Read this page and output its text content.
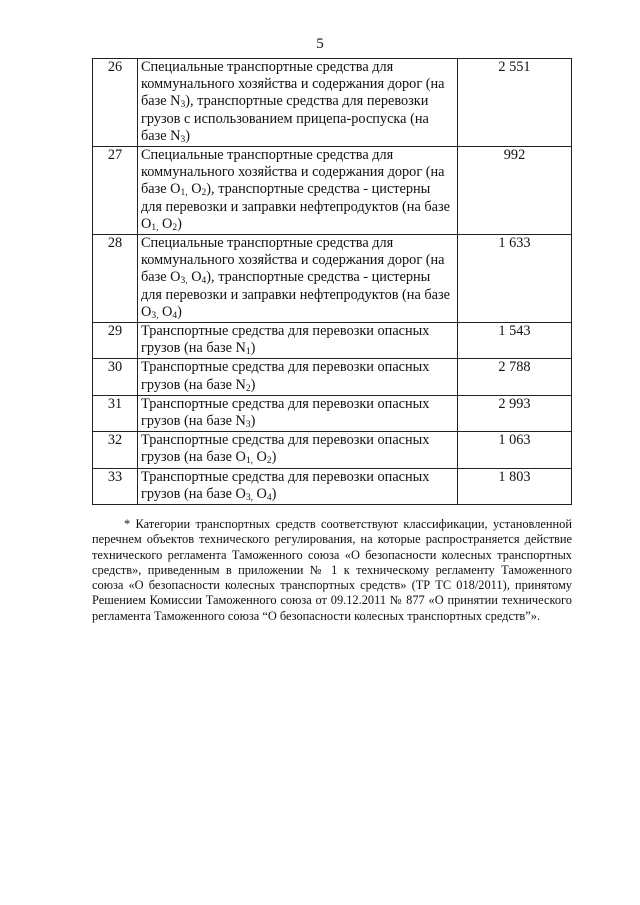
5
26	Специальные транспортные средства для коммунального хозяйства и содержания дорог (на базе $N_3$), транспортные средства для перевозки грузов с использованием прицепа-роспуска (на базе $N_3$)	2 551
27	Специальные транспортные средства для коммунального хозяйства и содержания дорог (на базе $O_{1,}$ $O_2$), транспортные средства - цистерны для перевозки и заправки нефтепродуктов (на базе $O_{1,}$ $O_2$)	992
28	Специальные транспортные средства для коммунального хозяйства и содержания дорог (на базе $O_{3,}$ $O_4$), транспортные средства - цистерны для перевозки и заправки нефтепродуктов (на базе $O_{3,}$ $O_4$)	1 633
29	Транспортные средства для перевозки опасных грузов (на базе $N_1$)	1 543
30	Транспортные средства для перевозки опасных грузов (на базе $N_2$)	2 788
31	Транспортные средства для перевозки опасных грузов (на базе $N_3$)	2 993
32	Транспортные средства для перевозки опасных грузов (на базе $O_{1,}$ $O_2$)	1 063
33	Транспортные средства для перевозки опасных грузов (на базе $O_{3,}$ $O_4$)	1 803
* Категории транспортных средств соответствуют классификации, установленной перечнем объектов технического регулирования, на которые распространяется действие технического регламента Таможенного союза «О безопасности колесных транспортных средств», приведенным в приложении № 1 к техническому регламенту Таможенного союза «О безопасности колесных транспортных средств» (ТР ТС 018/2011), принятому Решением Комиссии Таможенного союза от 09.12.2011 № 877 «О принятии технического регламента Таможенного союза “О безопасности колесных транспортных средств”».
